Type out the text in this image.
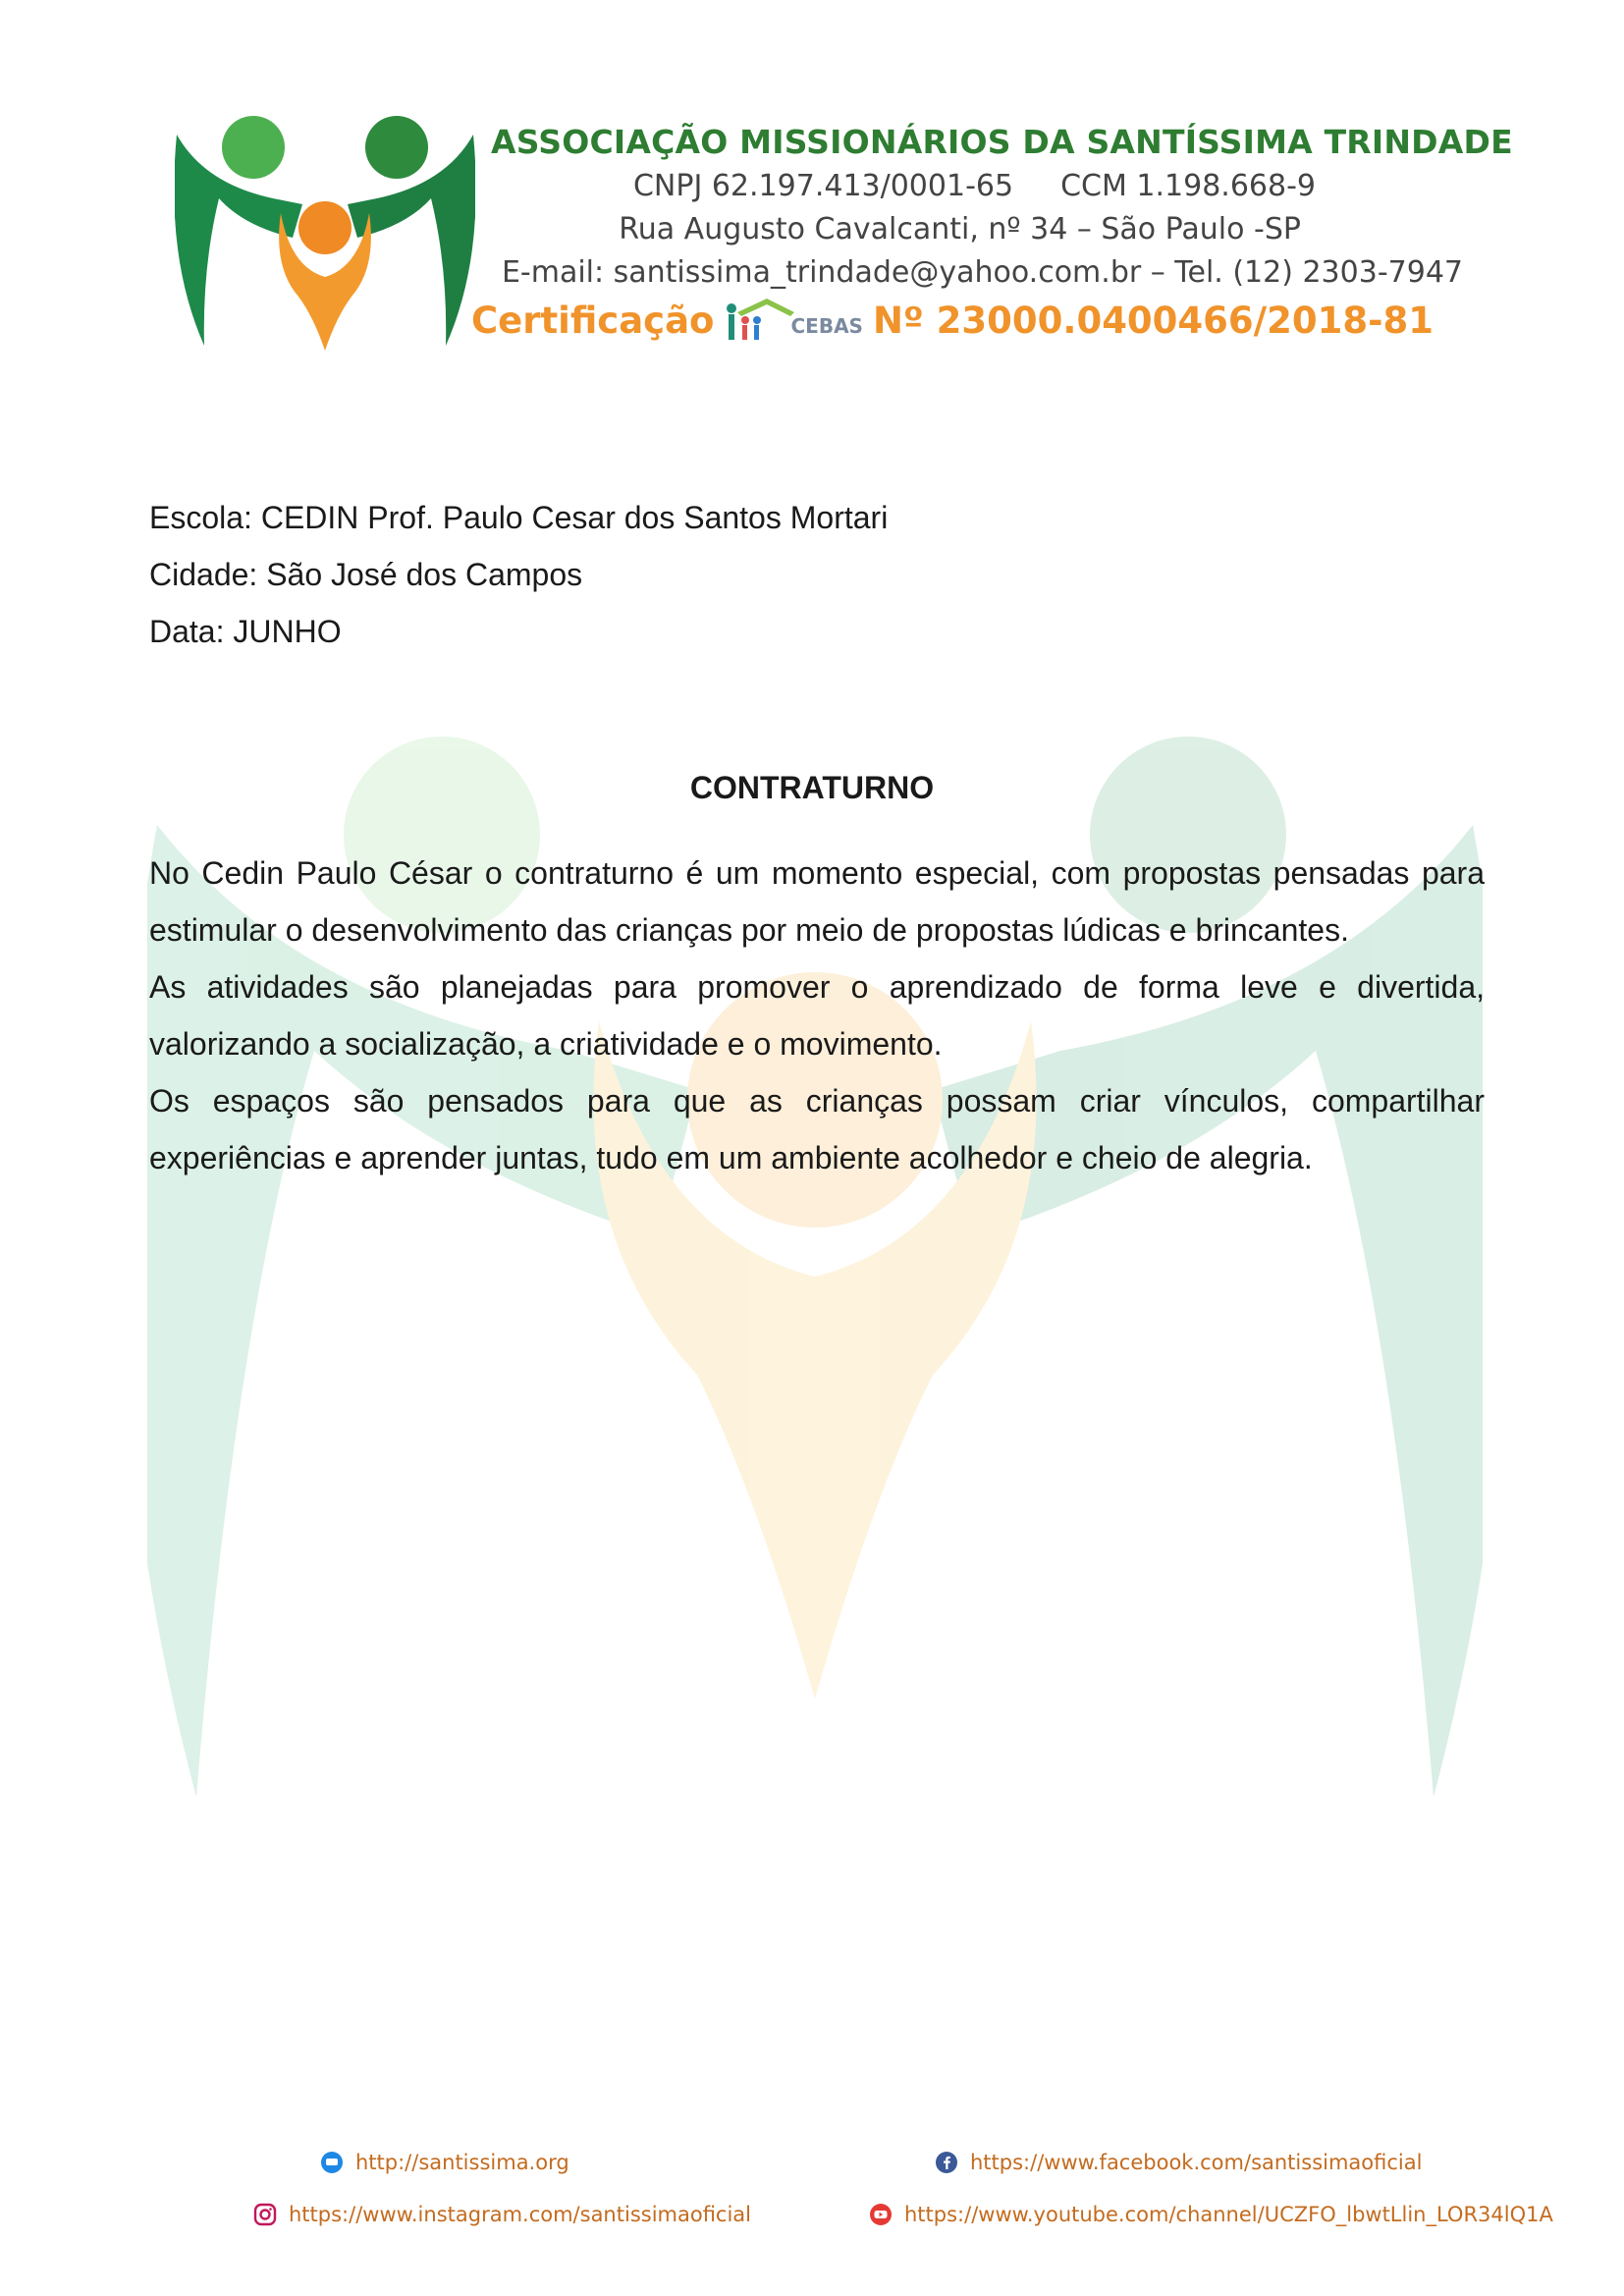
ASSOCIAÇÃO MISSIONÁRIOS DA SANTÍSSIMA TRINDADE
CNPJ 62.197.413/0001-65 CCM 1.198.668-9
Rua Augusto Cavalcanti, nº 34 – São Paulo -SP
E-mail: santissima_trindade@yahoo.com.br – Tel. (12) 2303-7947
Certificação	CEBAS Nº 23000.0400466/2018-81
Escola: CEDIN Prof. Paulo Cesar dos Santos Mortari
Cidade: São José dos Campos
Data: JUNHO
CONTRATURNO

No Cedin Paulo César o contraturno é um momento especial, com propostas pensadas para estimular o desenvolvimento das crianças por meio de propostas lúdicas e brincantes.

As atividades são planejadas para promover o aprendizado de forma leve e divertida, valorizando a socialização, a criatividade e o movimento.

Os espaços são pensados para que as crianças possam criar vínculos, compartilhar experiências e aprender juntas, tudo em um ambiente acolhedor e cheio de alegria.

http://santissima.org	https://www.facebook.com/santissimaoficial
https://www.instagram.com/santissimaoficial	https://www.youtube.com/channel/UCZFO_lbwtLlin_LOR34lQ1A
